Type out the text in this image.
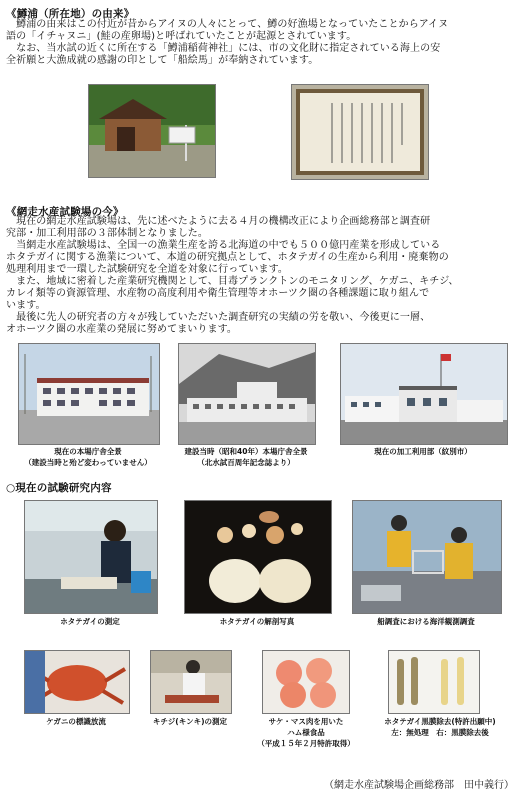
《鱒浦（所在地）の由来》
　鱒浦の由来はこの付近が昔からアイヌの人々にとって、鱒の好漁場となっていたことからアイヌ
語の「イチャヌニ」(鮭の産卵場)と呼ばれていたことが起源とされています。
　なお、当水試の近くに所在する「鱒浦稲荷神社」には、市の文化財に指定されている海上の安
全祈願と大漁成就の感謝の印として「船絵馬」が奉納されています。
《網走水産試験場の今》
　現在の網走水産試験場は、先に述べたように去る４月の機構改正により企画総務部と調査研
究部・加工利用部の３部体制となりました。
　当網走水産試験場は、全国一の漁業生産を誇る北海道の中でも５００億円産業を形成している
ホタテガイに関する漁業について、本道の研究拠点として、ホタテガイの生産から利用・廃棄物の
処理利用まで一環した試験研究を全道を対象に行っています。
　また、地域に密着した産業研究機関として、目毒プランクトンのモニタリング、ケガニ、キチジ、
カレイ類等の資源管理、水産物の高度利用や衛生管理等オホーツク圏の各種課題に取り組んで
います。
　最後に先人の研究者の方々が残していただいた調査研究の実績の労を敬い、今後更に一層、
オホーツク圏の水産業の発展に努めてまいります。
現在の本場庁舎全景
（建設当時と殆ど変わっていません）
建設当時（昭和40年）本場庁舎全景
（北水試百周年記念誌より）
現在の加工利用部（紋別市）
○現在の試験研究内容
ホタテガイの測定	ホタテガイの解剖写真	船調査における海洋観測調査
ケガニの標識放流	キチジ(キンキ)の測定	サケ・マス肉を用いた
ハム様食品
（平成１５年２月特許取得）
ホタテガイ黒膜除去(特許出願中)
左：無処理　右：黒膜除去後
（網走水産試験場企画総務部　田中義行）
